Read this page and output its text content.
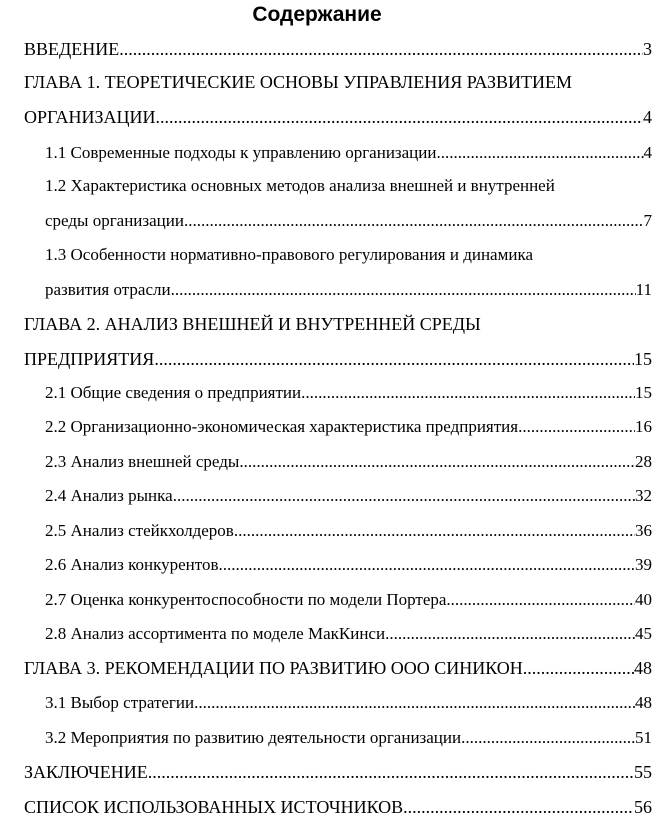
Содержание
ВВЕДЕНИЕ .....	3
ГЛАВА 1. ТЕОРЕТИЧЕСКИЕ ОСНОВЫ УПРАВЛЕНИЯ РАЗВИТИЕМ
ОРГАНИЗАЦИИ .....	4
1.1 Современные подходы к управлению организации .....	4
1.2 Характеристика основных методов анализа внешней и внутренней
среды организации .....	7
1.3 Особенности нормативно-правового регулирования и динамика
развития отрасли .....	11
ГЛАВА 2. АНАЛИЗ ВНЕШНЕЙ И ВНУТРЕННЕЙ СРЕДЫ
ПРЕДПРИЯТИЯ .....	15
2.1 Общие сведения о предприятии .....	15
2.2 Организационно-экономическая характеристика предприятия .....	16
2.3 Анализ внешней среды .....	28
2.4 Анализ рынка .....	32
2.5 Анализ стейкхолдеров .....	36
2.6 Анализ конкурентов .....	39
2.7 Оценка конкурентоспособности по модели Портера .....	40
2.8 Анализ ассортимента по моделе МакКинси .....	45
ГЛАВА 3. РЕКОМЕНДАЦИИ ПО РАЗВИТИЮ ООО СИНИКОН .....	48
3.1 Выбор стратегии .....	48
3.2 Мероприятия по развитию деятельности организации .....	51
ЗАКЛЮЧЕНИЕ .....	55
СПИСОК ИСПОЛЬЗОВАННЫХ ИСТОЧНИКОВ .....	56
